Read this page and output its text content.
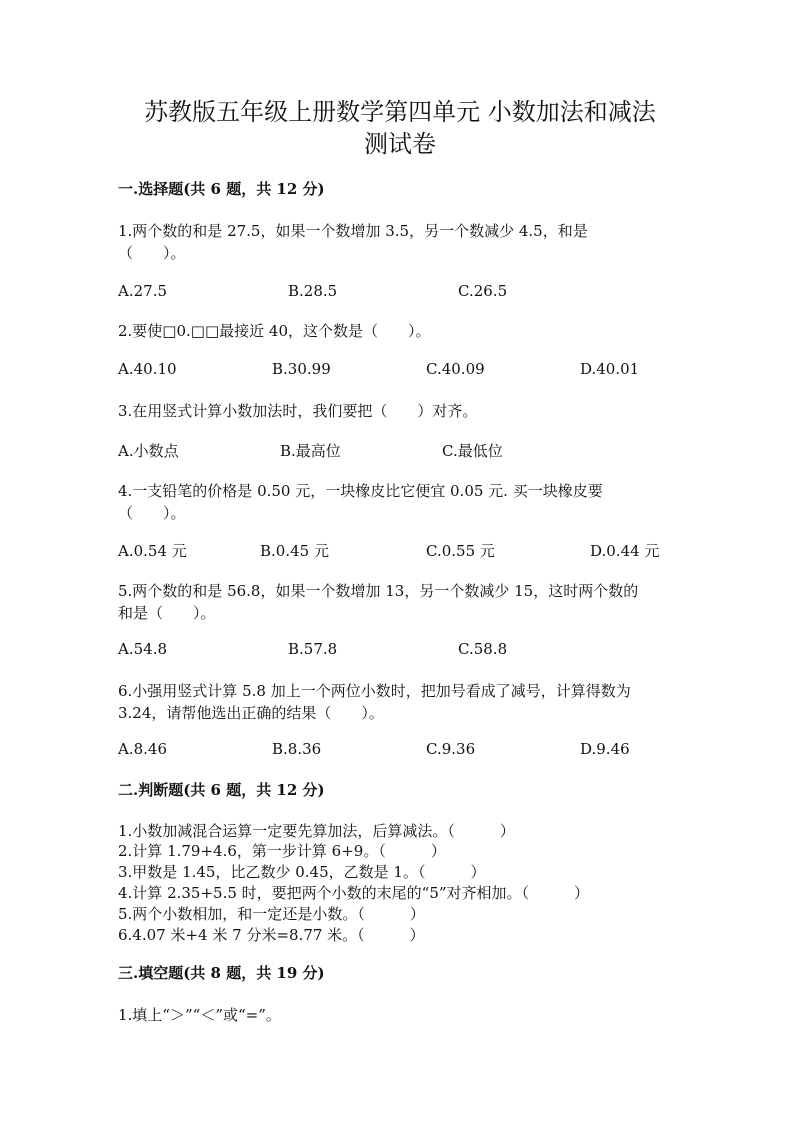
苏教版五年级上册数学第四单元 小数加法和减法
测试卷
一.选择题(共 6 题，共 12 分)
1.两个数的和是 27.5，如果一个数增加 3.5，另一个数减少 4.5，和是
（　　）。
A.27.5	B.28.5	C.26.5
2.要使□0.□□最接近 40，这个数是（　　）。
A.40.10	B.30.99	C.40.09	D.40.01
3.在用竖式计算小数加法时，我们要把（　　）对齐。
A.小数点	B.最高位	C.最低位
4.一支铅笔的价格是 0.50 元，一块橡皮比它便宜 0.05 元. 买一块橡皮要
（　　）。
A.0.54 元	B.0.45 元	C.0.55 元	D.0.44 元
5.两个数的和是 56.8，如果一个数增加 13，另一个数减少 15，这时两个数的
和是（　　）。
A.54.8	B.57.8	C.58.8
6.小强用竖式计算 5.8 加上一个两位小数时，把加号看成了减号，计算得数为
3.24，请帮他选出正确的结果（　　）。
A.8.46	B.8.36	C.9.36	D.9.46
二.判断题(共 6 题，共 12 分)
1.小数加减混合运算一定要先算加法，后算减法。（　　　）
2.计算 1.79+4.6，第一步计算 6+9。（　　　）
3.甲数是 1.45，比乙数少 0.45，乙数是 1。（　　　）
4.计算 2.35+5.5 时，要把两个小数的末尾的“5”对齐相加。（　　　）
5.两个小数相加，和一定还是小数。（　　　）
6.4.07 米+4 米 7 分米=8.77 米。（　　　）
三.填空题(共 8 题，共 19 分)
1.填上“＞”“＜”或“=”。
